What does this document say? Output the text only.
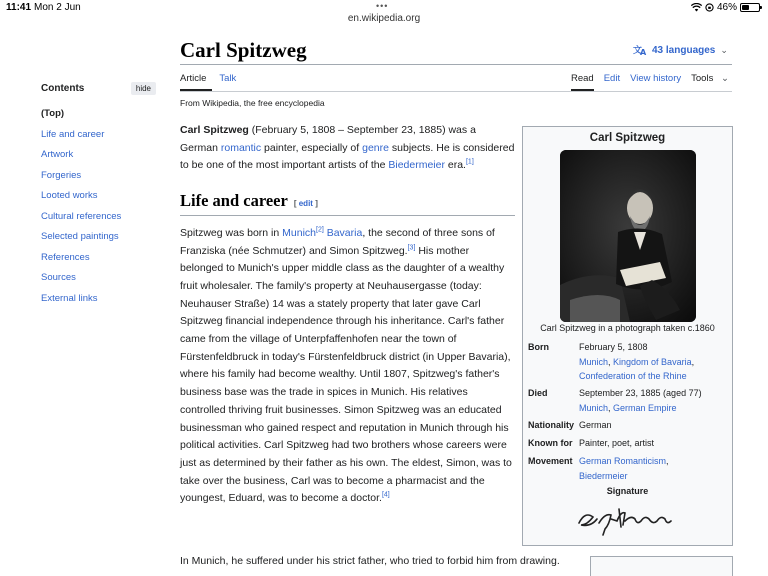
11:41 Mon 2 Jun	•••	46%
en.wikipedia.org
Contents	hide
(Top)
Life and career
Artwork
Forgeries
Looted works
Cultural references
Selected paintings
References
Sources
External links
Carl Spitzweg	文
A 43 languages ⌄
Article	Talk	Read Edit View history Tools ⌄
From Wikipedia, the free encyclopedia

Carl Spitzweg (February 5, 1808 – September 23, 1885) was a German romantic painter, especially of genre subjects. He is considered to be one of the most important artists of the Biedermeier era.[1]

Life and career [ edit ]

Spitzweg was born in Munich[2] Bavaria, the second of three sons of Franziska (née Schmutzer) and Simon Spitzweg.[3] His mother belonged to Munich's upper middle class as the daughter of a wealthy fruit wholesaler. The family's property at Neuhausergasse (today: Neuhauser Straße) 14 was a stately property that later gave Carl Spitzweg financial independence through his inheritance. Carl's father came from the village of Unterpfaffenhofen near the town of Fürstenfeldbruck in today's Fürstenfeldbruck district (in Upper Bavaria), where his family had become wealthy. Until 1807, Spitzweg's father's business base was the trade in spices in Munich. His relatives controlled thriving fruit businesses. Simon Spitzweg was an educated businessman who gained respect and reputation in Munich through his political activities. Carl Spitzweg had two brothers whose careers were just as determined by their father as his own. The eldest, Simon, was to take over the business, Carl was to become a pharmacist and the youngest, Eduard, was to become a doctor.[4]

In Munich, he suffered under his strict father, who tried to forbid him from drawing.

Carl Spitzweg
Carl Spitzweg in a photograph taken c.1860
Born	February 5, 1808
Munich, Kingdom of Bavaria,
Confederation of the Rhine
Died	September 23, 1885 (aged 77)
Munich, German Empire
Nationality German
Known for Painter, poet, artist
Movement German Romanticism,
Biedermeier
Signature
